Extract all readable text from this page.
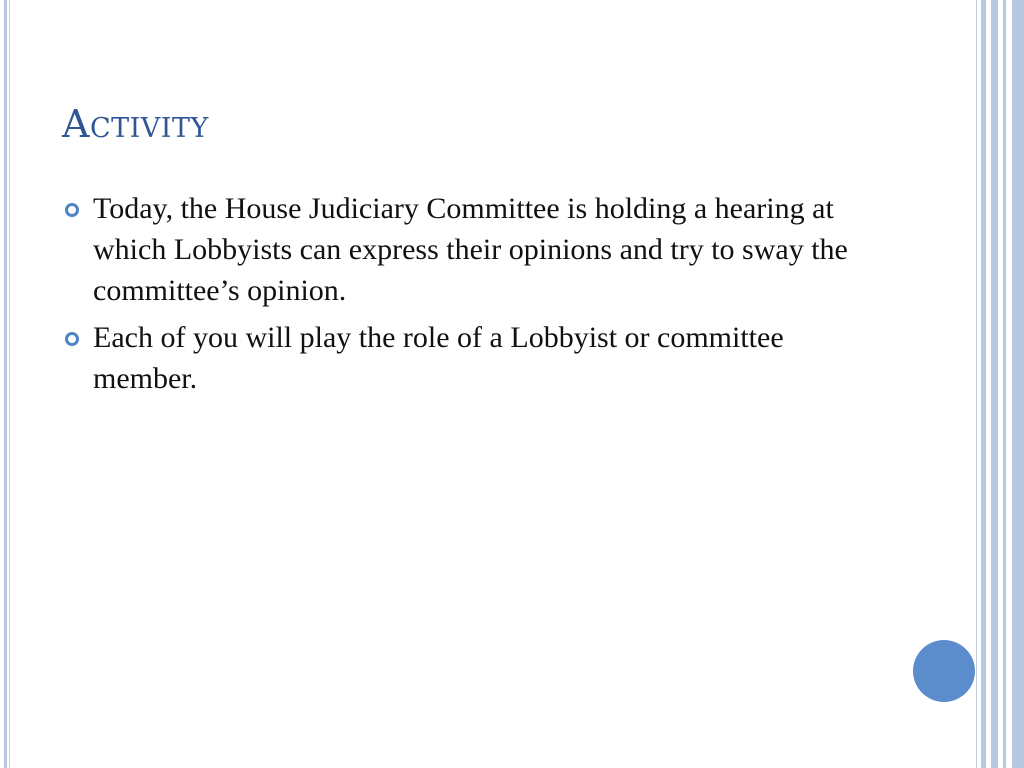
Activity
Today, the House Judiciary Committee is holding a hearing at which Lobbyists can express their opinions and try to sway the committee’s opinion.
Each of you will play the role of a Lobbyist or committee member.
